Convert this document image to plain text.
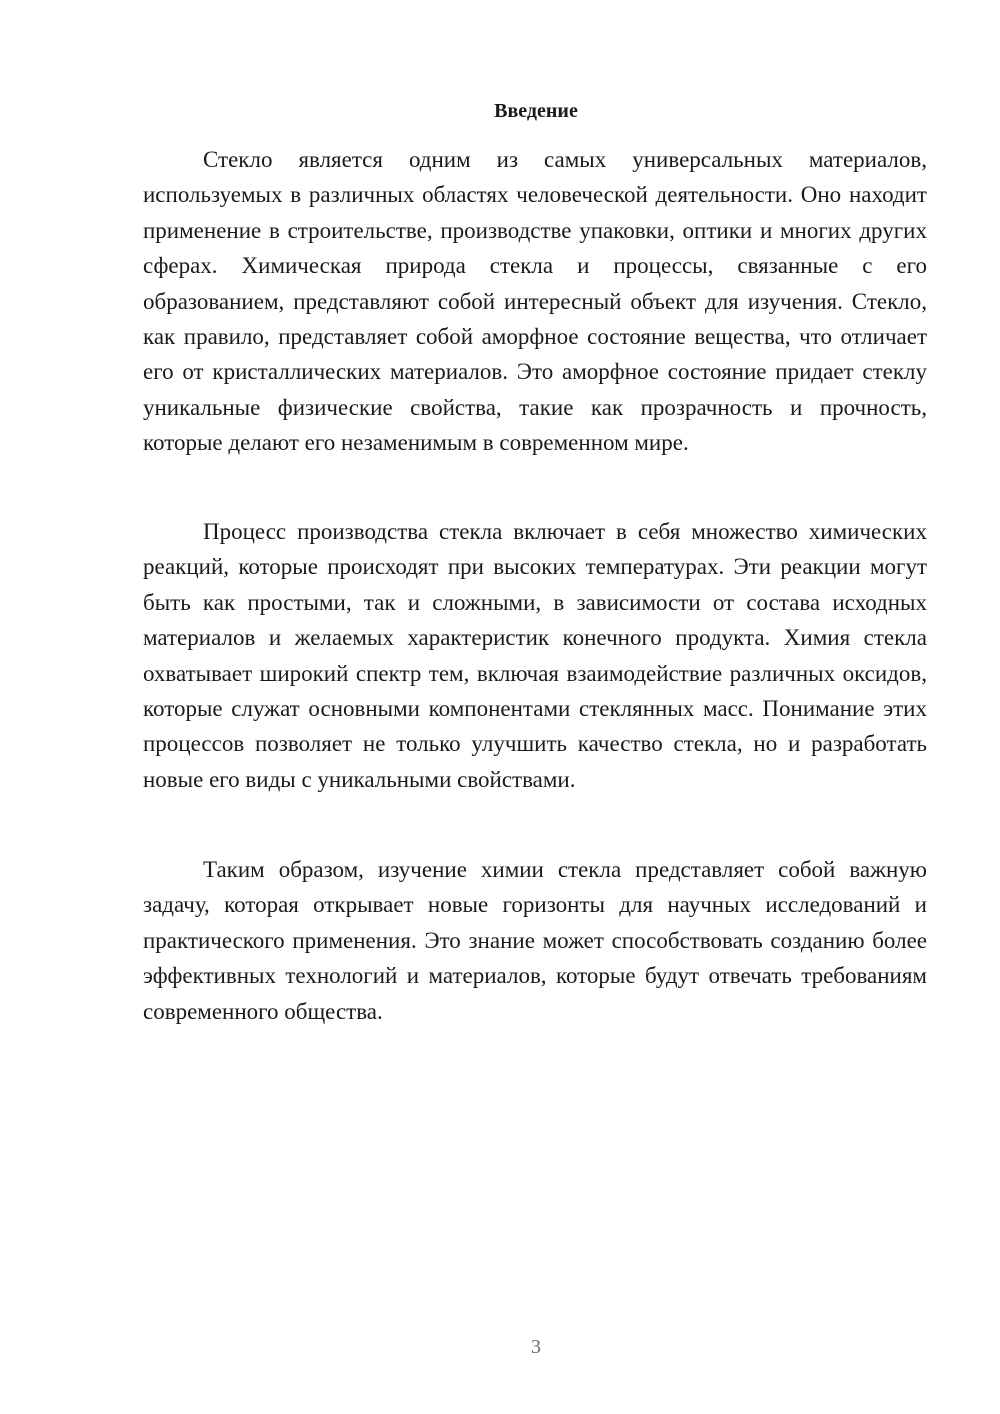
Введение

Стекло является одним из самых универсальных материалов, используемых в различных областях человеческой деятельности. Оно находит применение в строительстве, производстве упаковки, оптики и многих других сферах. Химическая природа стекла и процессы, связанные с его образованием, представляют собой интересный объект для изучения. Стекло, как правило, представляет собой аморфное состояние вещества, что отличает его от кристаллических материалов. Это аморфное состояние придает стеклу уникальные физические свойства, такие как прозрачность и прочность, которые делают его незаменимым в современном мире.

Процесс производства стекла включает в себя множество химических реакций, которые происходят при высоких температурах. Эти реакции могут быть как простыми, так и сложными, в зависимости от состава исходных материалов и желаемых характеристик конечного продукта. Химия стекла охватывает широкий спектр тем, включая взаимодействие различных оксидов, которые служат основными компонентами стеклянных масс. Понимание этих процессов позволяет не только улучшить качество стекла, но и разработать новые его виды с уникальными свойствами.

Таким образом, изучение химии стекла представляет собой важную задачу, которая открывает новые горизонты для научных исследований и практического применения. Это знание может способствовать созданию более эффективных технологий и материалов, которые будут отвечать требованиям современного общества.

3
